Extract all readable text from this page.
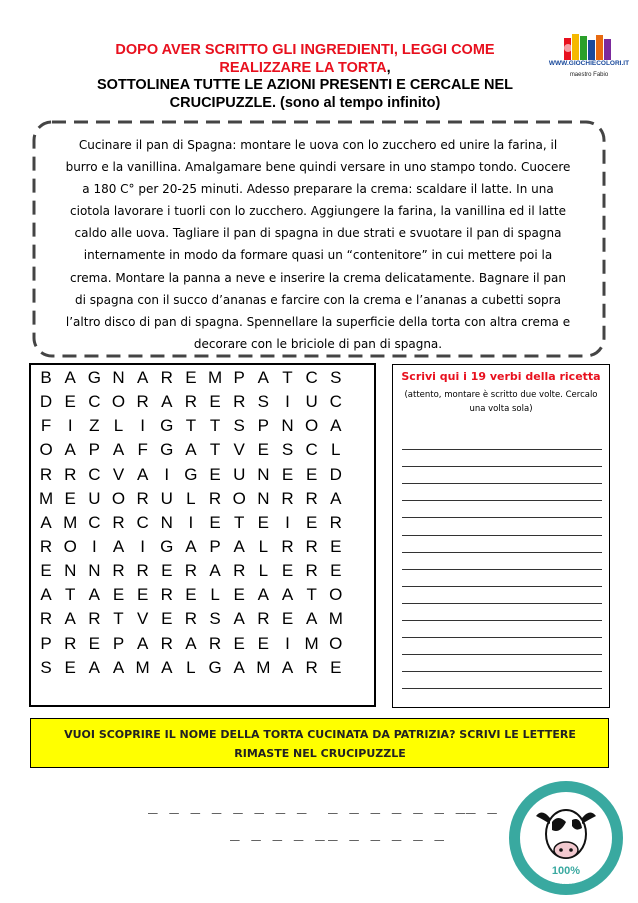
DOPO AVER SCRITTO GLI INGREDIENTI, LEGGI COME
REALIZZARE LA TORTA,
SOTTOLINEA TUTTE LE AZIONI PRESENTI E CERCALE NEL
CRUCIPUZZLE. (sono al tempo infinito)
WWW.GIOCHIECOLORI.IT
maestro Fabio
Cucinare il pan di Spagna: montare le uova con lo zucchero ed unire la farina, il burro e la vanillina. Amalgamare bene quindi versare in uno stampo tondo. Cuocere a 180 C° per 20-25 minuti. Adesso preparare la crema: scaldare il latte. In una ciotola lavorare i tuorli con lo zucchero. Aggiungere la farina, la vanillina ed il latte caldo alle uova. Tagliare il pan di spagna in due strati e svuotare il pan di spagna internamente in modo da formare quasi un “contenitore” in cui mettere poi la crema. Montare la panna a neve e inserire la crema delicatamente. Bagnare il pan di spagna con il succo d’ananas e farcire con la crema e l’ananas a cubetti sopra l’altro disco di pan di spagna. Spennellare la superficie della torta con altra crema e decorare con le briciole di pan di spagna.
B A G N A R E M P A T C S
D E C O R A R E R S I U C
F I Z L	I G T T S P N O A
O A P A F G A T V E S C L
R R C V A I G E U N E E D
M E U O R U L R O N R R A
A M C R C N I E T E I E R
R O I A I G A P A L R R E
E N N R R E R A R L E R E
A T A E E R E L E A A T O
R A R T V E R S A R E A M
P R E P A R A R E E I M O
S E A A M A L G A M A R E
Scrivi qui i 19 verbi della ricetta
(attento, montare è scritto due volte. Cercalo una volta sola)
VUOI SCOPRIRE IL NOME DELLA TORTA CUCINATA DA PATRIZIA? SCRIVI LE LETTERE RIMASTE NEL CRUCIPUZZLE
_ _ _ _ _ _ _ _ _ _ _ _ _ _ _ _ _
_ _ _ _ _ _ _ _ _ _ _
100%
NATURAL MILK
